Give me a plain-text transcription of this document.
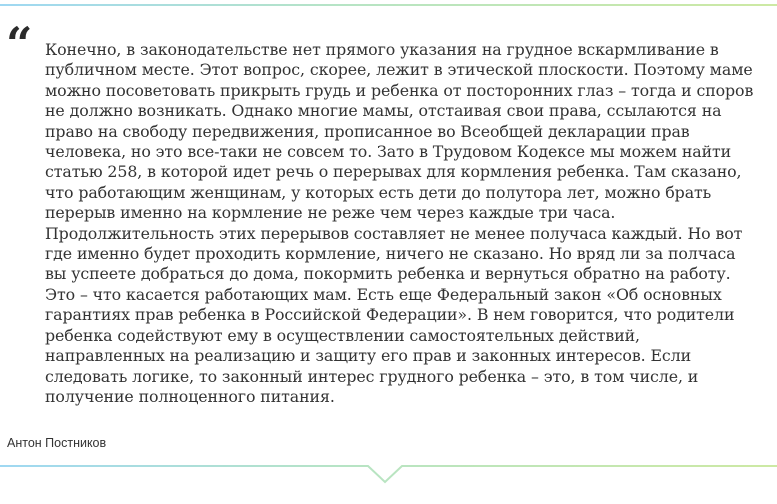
“ Конечно, в законодательстве нет прямого указания на грудное вскармливание в публичном месте. Этот вопрос, скорее, лежит в этической плоскости. Поэтому маме можно посоветовать прикрыть грудь и ребенка от посторонних глаз – тогда и споров не должно возникать. Однако многие мамы, отстаивая свои права, ссылаются на право на свободу передвижения, прописанное во Всеобщей декларации прав человека, но это все-таки не совсем то. Зато в Трудовом Кодексе мы можем найти статью 258, в которой идет речь о перерывах для кормления ребенка. Там сказано, что работающим женщинам, у которых есть дети до полутора лет, можно брать перерыв именно на кормление не реже чем через каждые три часа. Продолжительность этих перерывов составляет не менее получаса каждый. Но вот где именно будет проходить кормление, ничего не сказано. Но вряд ли за полчаса вы успеете добраться до дома, покормить ребенка и вернуться обратно на работу. Это – что касается работающих мам. Есть еще Федеральный закон «Об основных гарантиях прав ребенка в Российской Федерации». В нем говорится, что родители ребенка содействуют ему в осуществлении самостоятельных действий, направленных на реализацию и защиту его прав и законных интересов. Если следовать логике, то законный интерес грудного ребенка – это, в том числе, и получение полноценного питания.

Антон Постников
